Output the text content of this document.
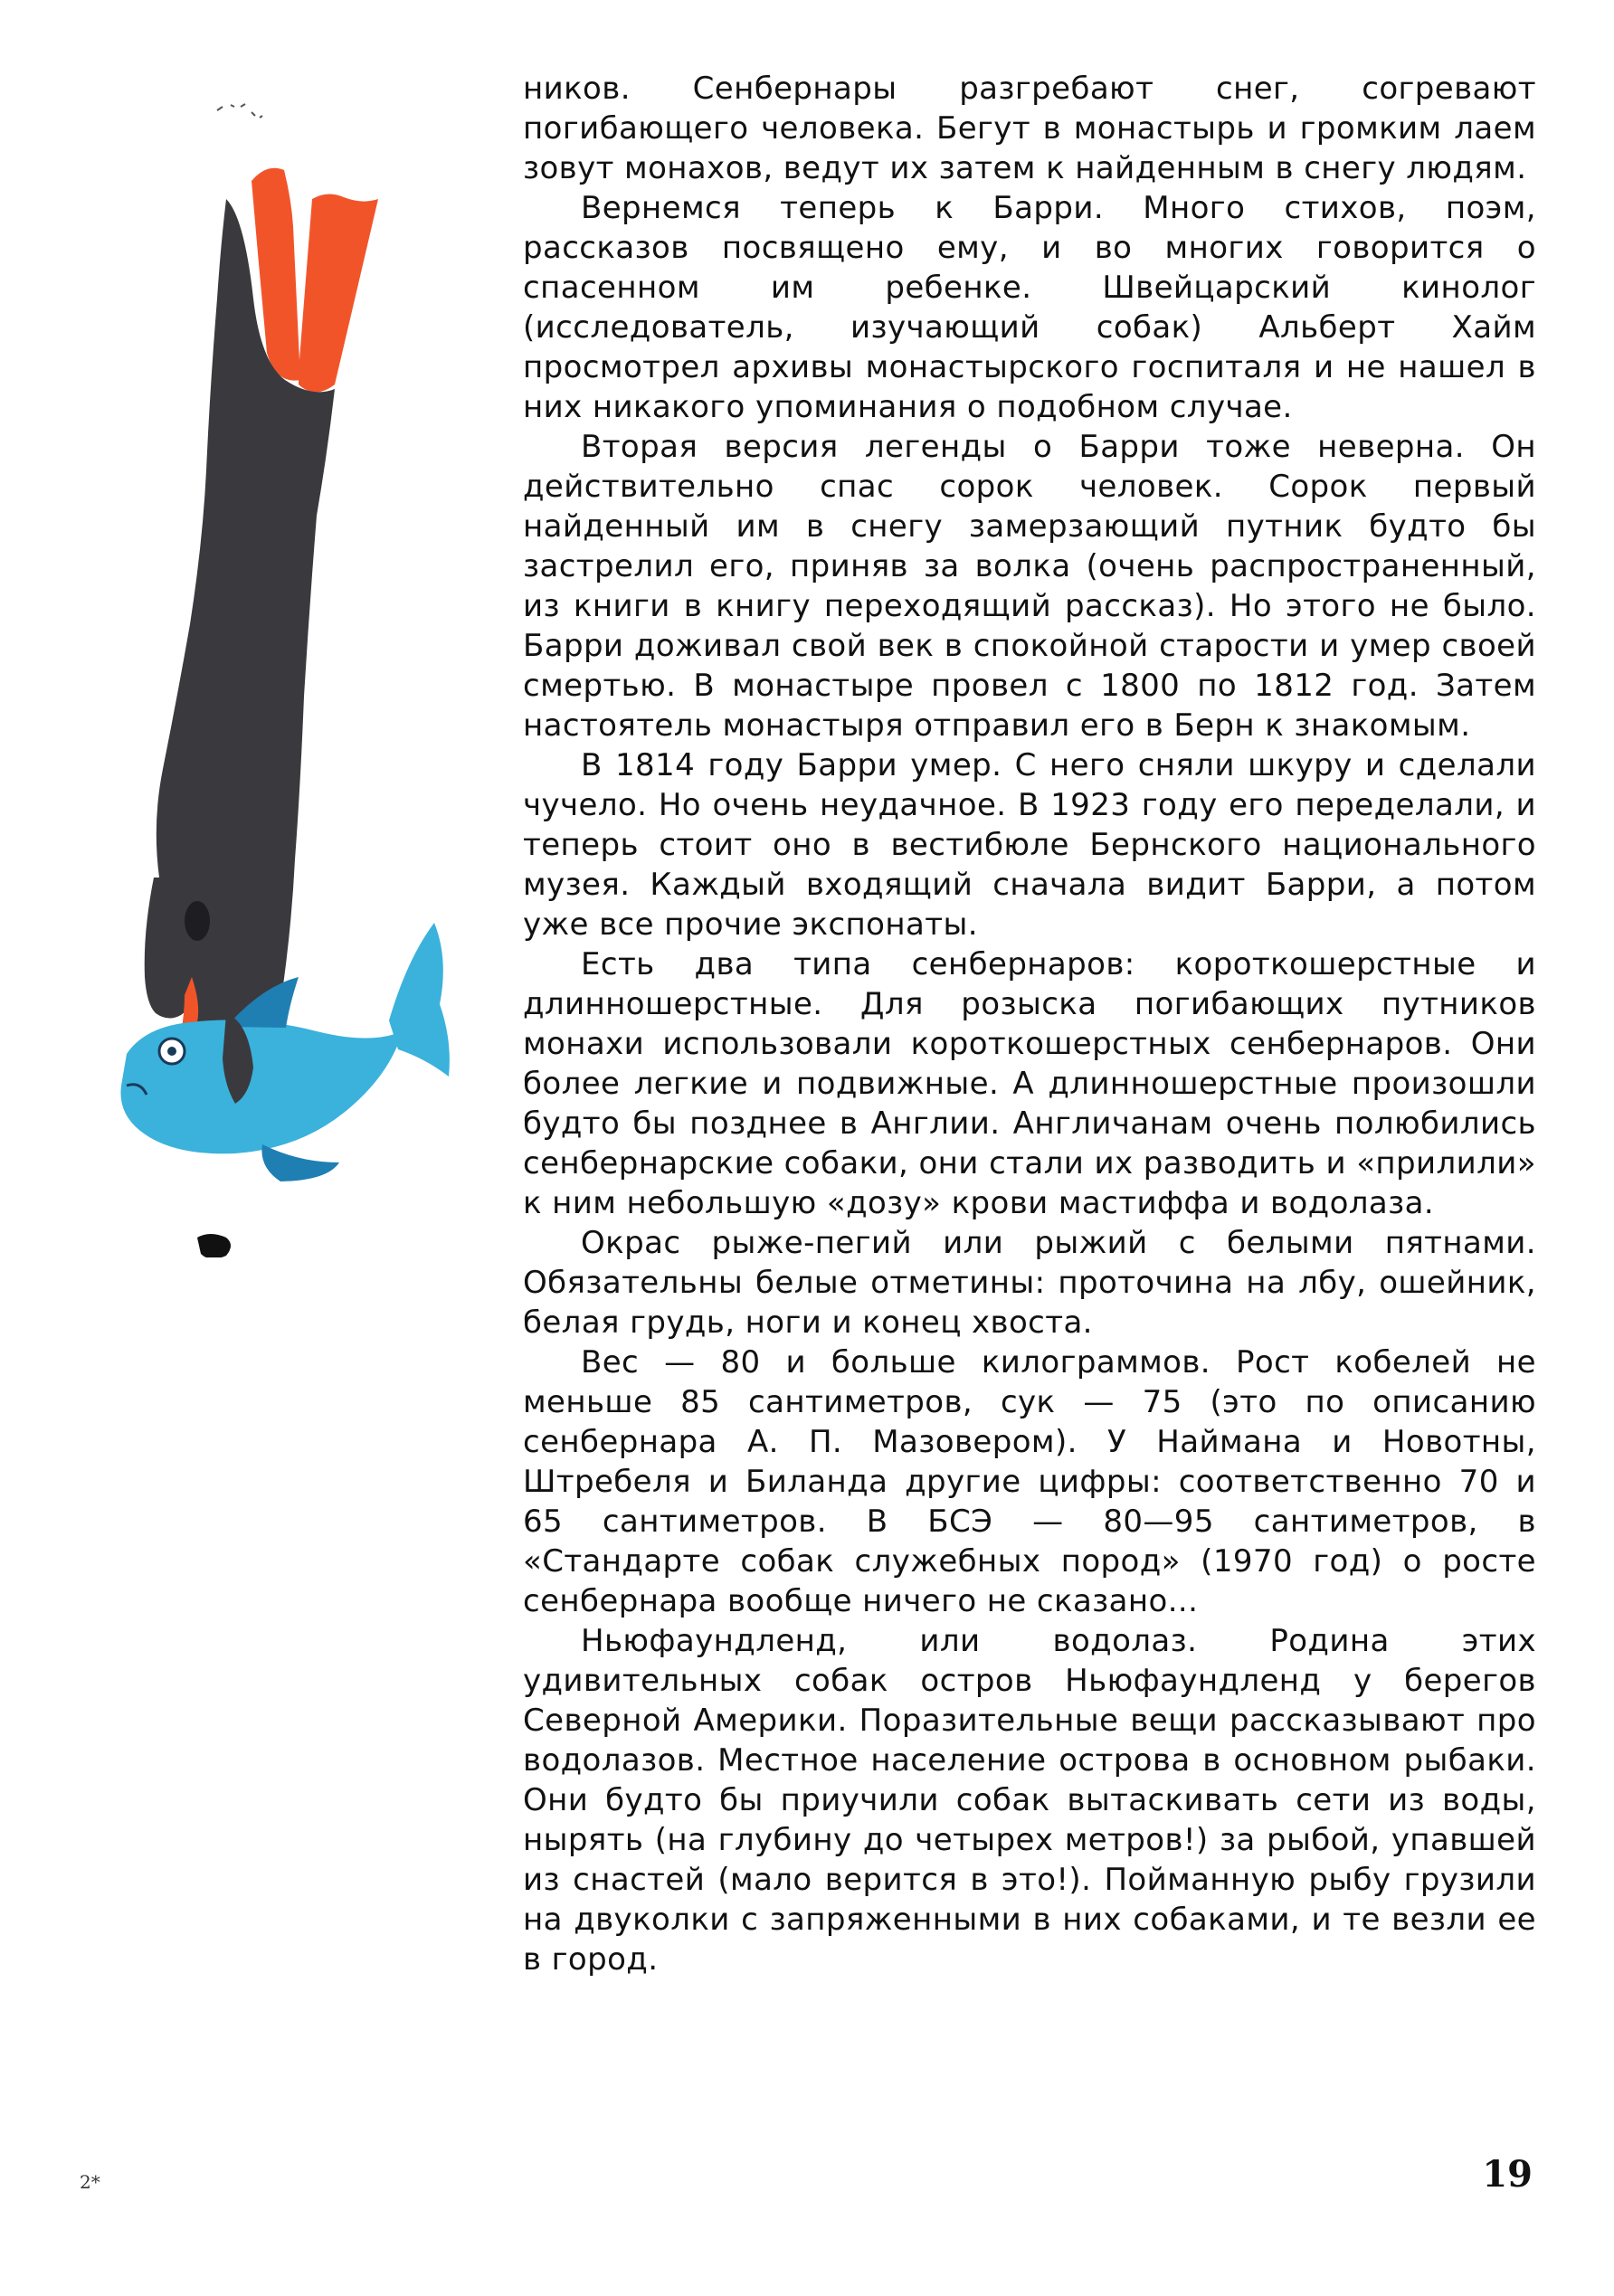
ников. Сенбернары разгребают снег, согревают погибающего человека. Бегут в монастырь и громким лаем зовут монахов, ведут их затем к найденным в снегу людям.

Вернемся теперь к Барри. Много стихов, поэм, рассказов посвящено ему, и во многих говорится о спасенном им ребенке. Швейцарский кинолог (исследователь, изучающий собак) Альберт Хайм просмотрел архивы монастырского госпиталя и не нашел в них никакого упоминания о подобном случае.

Вторая версия легенды о Барри тоже неверна. Он действительно спас сорок человек. Сорок первый найденный им в снегу замерзающий путник будто бы застрелил его, приняв за волка (очень распространенный, из книги в книгу переходящий рассказ). Но этого не было. Барри доживал свой век в спокойной старости и умер своей смертью. В монастыре провел с 1800 по 1812 год. Затем настоятель монастыря отправил его в Берн к знакомым.

В 1814 году Барри умер. С него сняли шкуру и сделали чучело. Но очень неудачное. В 1923 году его переделали, и теперь стоит оно в вестибюле Бернского национального музея. Каждый входящий сначала видит Барри, а потом уже все прочие экспонаты.

Есть два типа сенбернаров: короткошерстные и длинношерстные. Для розыска погибающих путников монахи использовали короткошерстных сенбернаров. Они более легкие и подвижные. А длинношерстные произошли будто бы позднее в Англии. Англичанам очень полюбились сенбернарские собаки, они стали их разводить и «прилили» к ним небольшую «дозу» крови мастиффа и водолаза.

Окрас рыже-пегий или рыжий с белыми пятнами. Обязательны белые отметины: проточина на лбу, ошейник, белая грудь, ноги и конец хвоста.

Вес — 80 и больше килограммов. Рост кобелей не меньше 85 сантиметров, сук — 75 (это по описанию сенбернара А. П. Мазовером). У Наймана и Новотны, Штребеля и Биланда другие цифры: соответственно 70 и 65 сантиметров. В БСЭ — 80—95 сантиметров, в «Стандарте собак служебных пород» (1970 год) о росте сенбернара вообще ничего не сказано...

Ньюфаундленд, или водолаз. Родина этих удивительных собак остров Ньюфаундленд у берегов Северной Америки. Поразительные вещи рассказывают про водолазов. Местное население острова в основном рыбаки. Они будто бы приучили собак вытаскивать сети из воды, нырять (на глубину до четырех метров!) за рыбой, упавшей из снастей (мало верится в это!). Пойманную рыбу грузили на двуколки с запряженными в них собаками, и те везли ее в город.

2*	19
